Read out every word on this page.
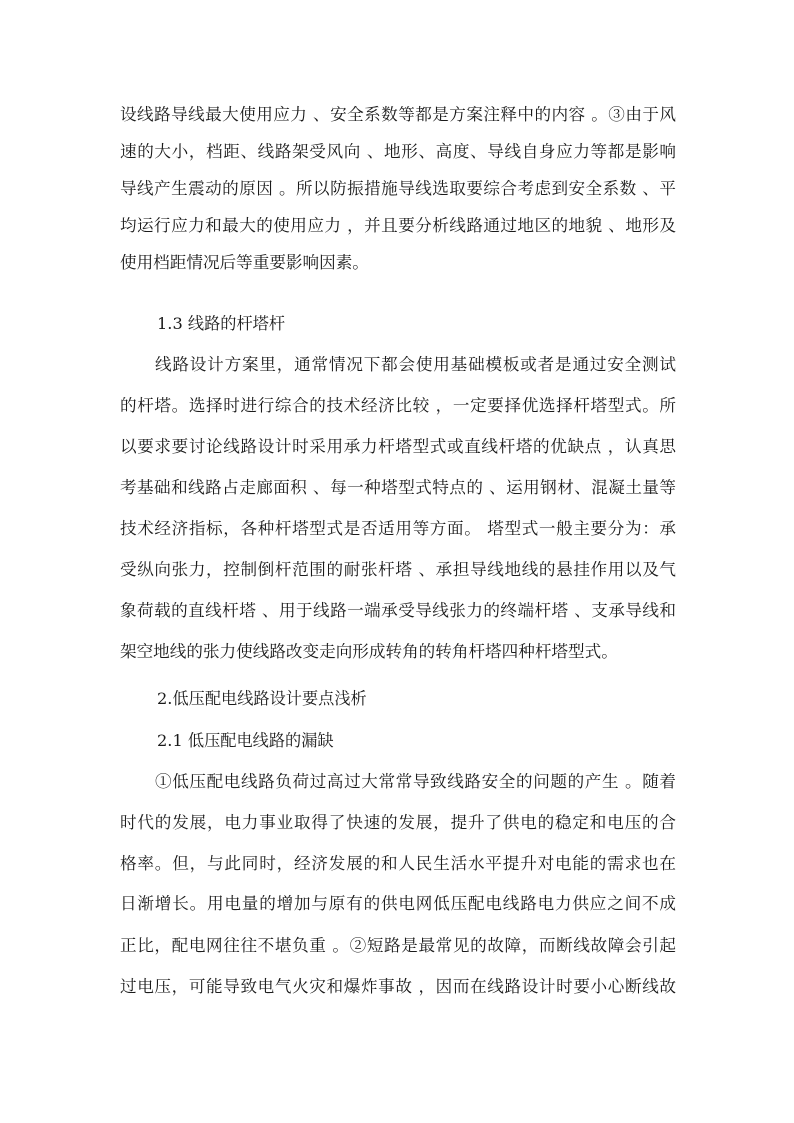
设线路导线最大使用应力 、安全系数等都是方案注释中的内容 。③由于风
速的大小，档距、线路架受风向 、地形、高度、导线自身应力等都是影响
导线产生震动的原因 。所以防振措施导线选取要综合考虑到安全系数 、平
均运行应力和最大的使用应力 ，并且要分析线路通过地区的地貌 、地形及
使用档距情况后等重要影响因素。
1.3 线路的杆塔杆
线路设计方案里，通常情况下都会使用基础模板或者是通过安全测试
的杆塔。选择时进行综合的技术经济比较 ，一定要择优选择杆塔型式。所
以要求要讨论线路设计时采用承力杆塔型式或直线杆塔的优缺点 ，认真思
考基础和线路占走廊面积 、每一种塔型式特点的 、运用钢材、混凝土量等
技术经济指标，各种杆塔型式是否适用等方面。 塔型式一般主要分为：承
受纵向张力，控制倒杆范围的耐张杆塔 、承担导线地线的悬挂作用以及气
象荷载的直线杆塔 、用于线路一端承受导线张力的终端杆塔 、支承导线和
架空地线的张力使线路改变走向形成转角的转角杆塔四种杆塔型式。
2.低压配电线路设计要点浅析
2.1 低压配电线路的漏缺
①低压配电线路负荷过高过大常常导致线路安全的问题的产生 。随着
时代的发展，电力事业取得了快速的发展，提升了供电的稳定和电压的合
格率。但，与此同时，经济发展的和人民生活水平提升对电能的需求也在
日渐增长。用电量的增加与原有的供电网低压配电线路电力供应之间不成
正比，配电网往往不堪负重 。②短路是最常见的故障，而断线故障会引起
过电压，可能导致电气火灾和爆炸事故 ，因而在线路设计时要小心断线故
